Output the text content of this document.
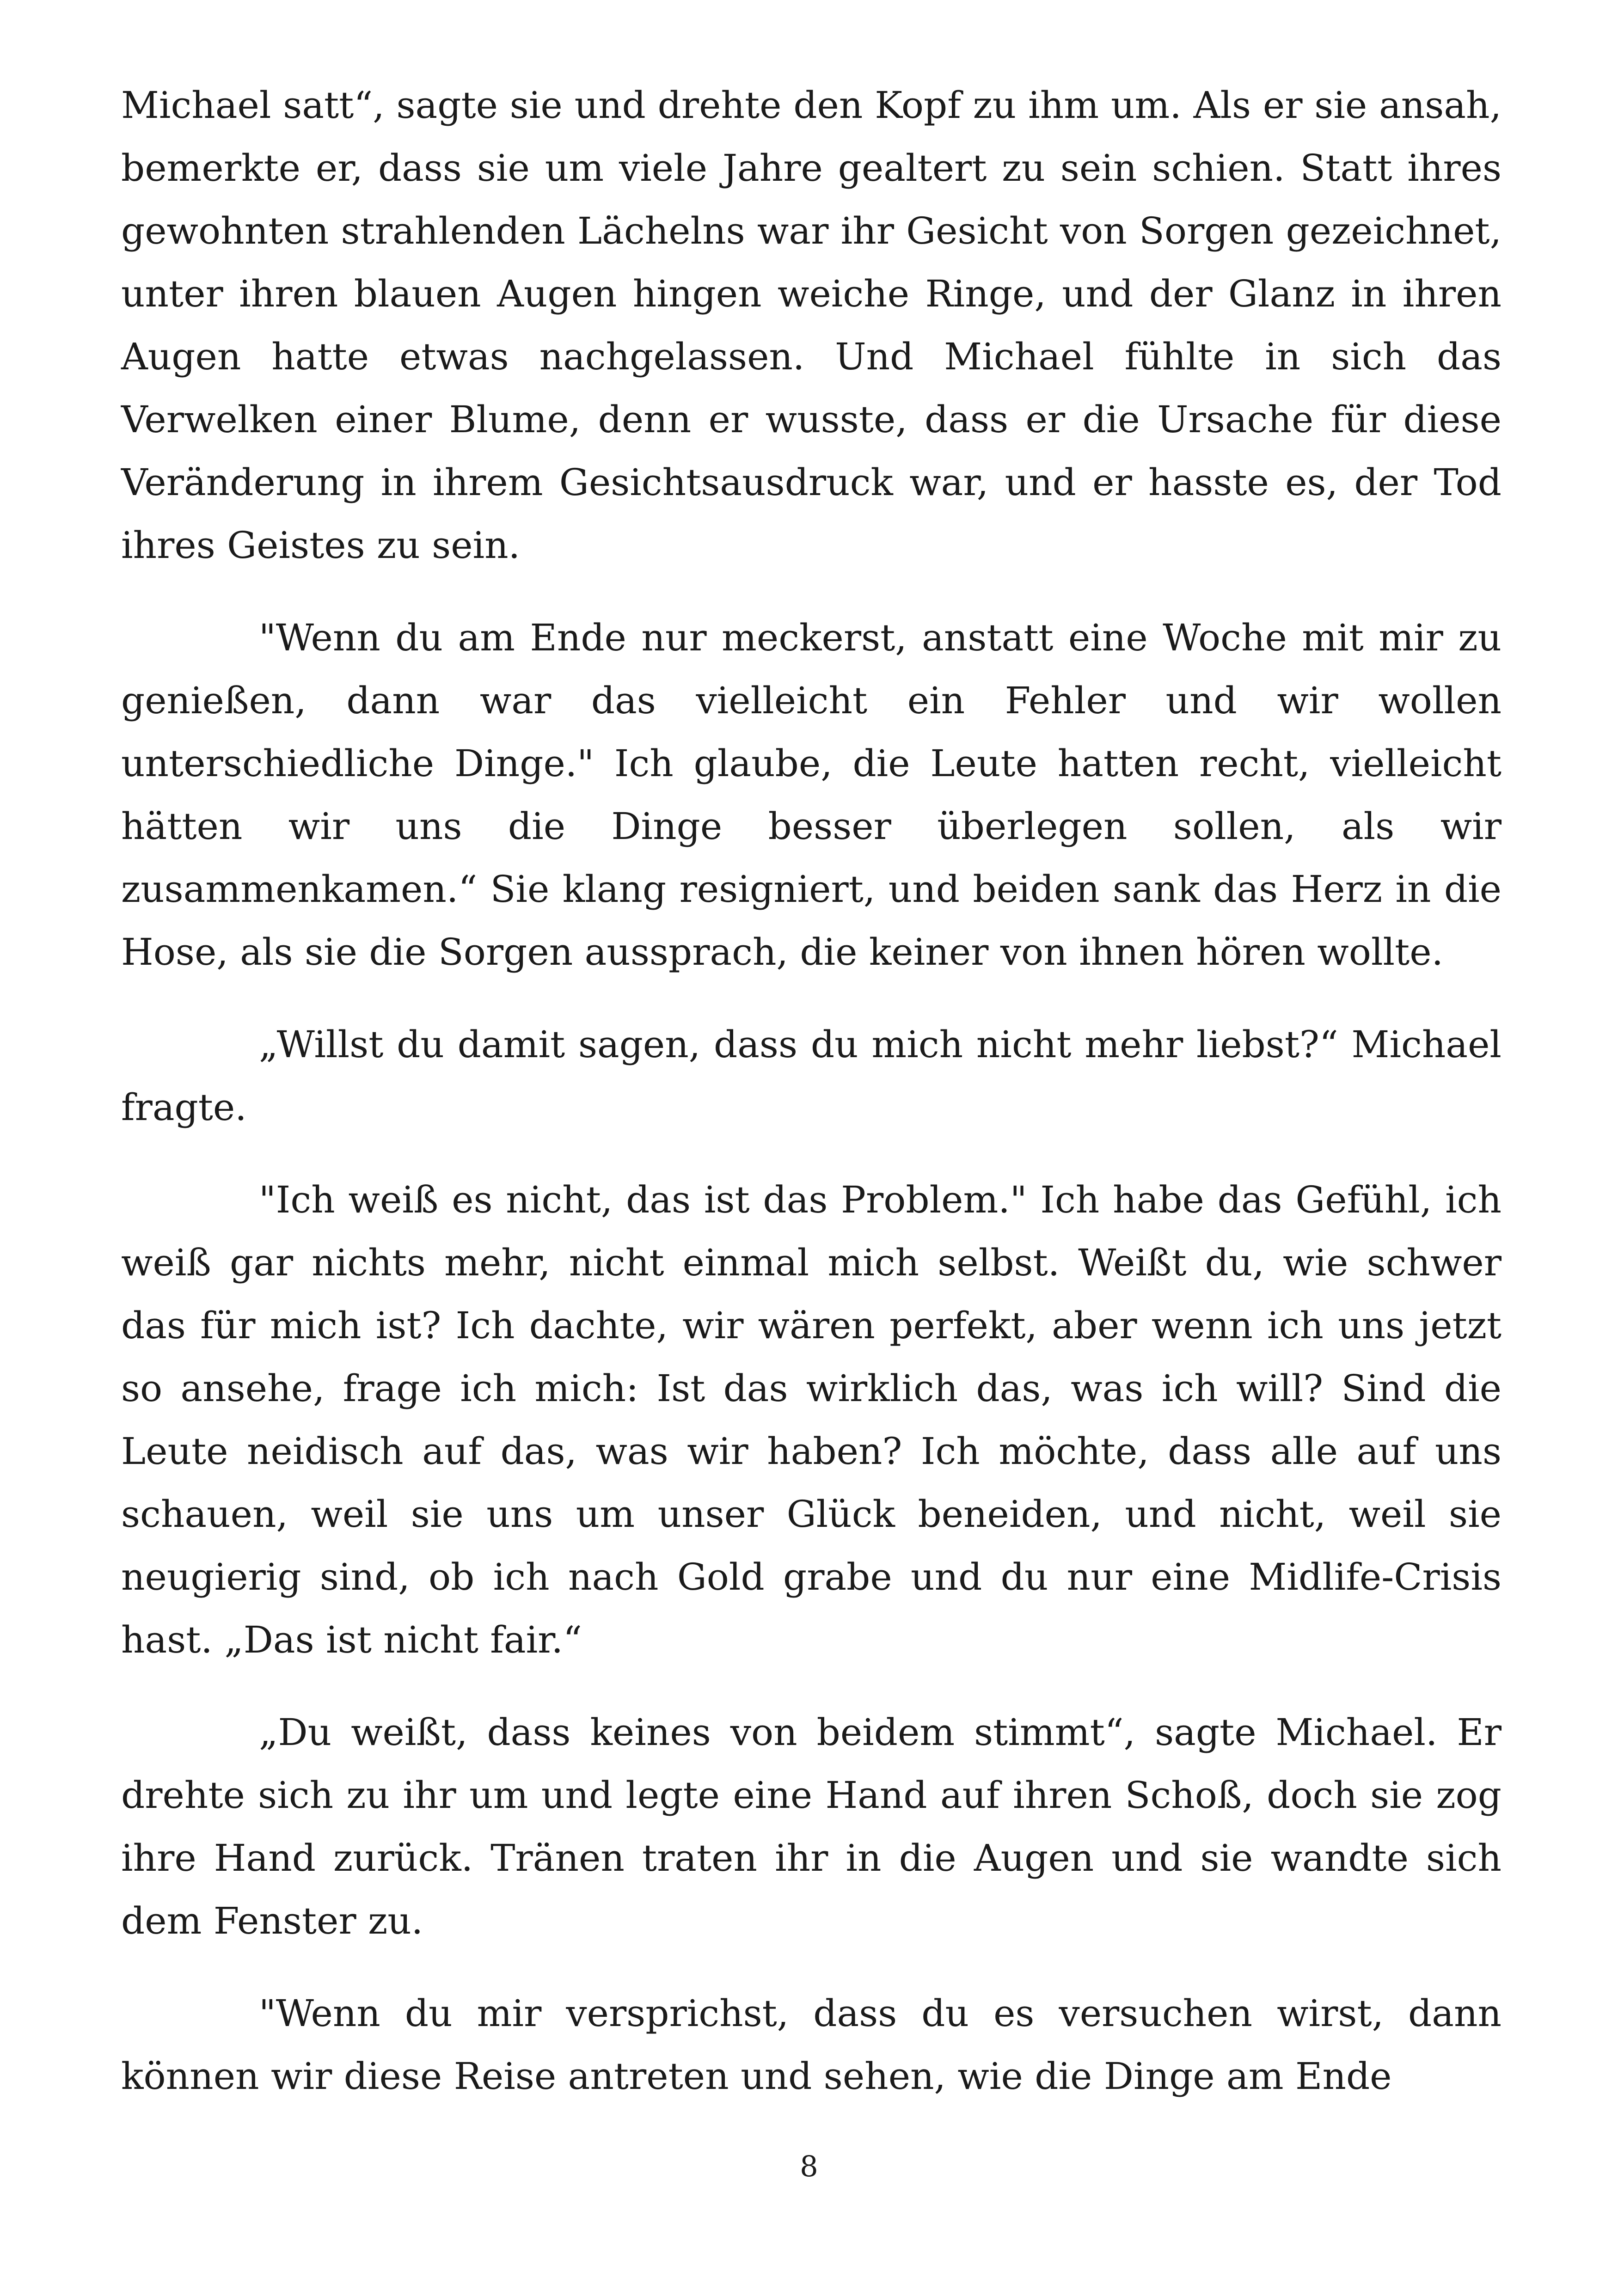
Michael satt“, sagte sie und drehte den Kopf zu ihm um. Als er sie ansah, bemerkte er, dass sie um viele Jahre gealtert zu sein schien. Statt ihres gewohnten strahlenden Lächelns war ihr Gesicht von Sorgen gezeichnet, unter ihren blauen Augen hingen weiche Ringe, und der Glanz in ihren Augen hatte etwas nachgelassen. Und Michael fühlte in sich das Verwelken einer Blume, denn er wusste, dass er die Ursache für diese Veränderung in ihrem Gesichtsausdruck war, und er hasste es, der Tod ihres Geistes zu sein.

"Wenn du am Ende nur meckerst, anstatt eine Woche mit mir zu genießen, dann war das vielleicht ein Fehler und wir wollen unterschiedliche Dinge." Ich glaube, die Leute hatten recht, vielleicht hätten wir uns die Dinge besser überlegen sollen, als wir zusammenkamen.“ Sie klang resigniert, und beiden sank das Herz in die Hose, als sie die Sorgen aussprach, die keiner von ihnen hören wollte.

„Willst du damit sagen, dass du mich nicht mehr liebst?“ Michael fragte.

"Ich weiß es nicht, das ist das Problem." Ich habe das Gefühl, ich weiß gar nichts mehr, nicht einmal mich selbst. Weißt du, wie schwer das für mich ist? Ich dachte, wir wären perfekt, aber wenn ich uns jetzt so ansehe, frage ich mich: Ist das wirklich das, was ich will? Sind die Leute neidisch auf das, was wir haben? Ich möchte, dass alle auf uns schauen, weil sie uns um unser Glück beneiden, und nicht, weil sie neugierig sind, ob ich nach Gold grabe und du nur eine Midlife-Crisis hast. „Das ist nicht fair.“

„Du weißt, dass keines von beidem stimmt“, sagte Michael. Er drehte sich zu ihr um und legte eine Hand auf ihren Schoß, doch sie zog ihre Hand zurück. Tränen traten ihr in die Augen und sie wandte sich dem Fenster zu.

"Wenn du mir versprichst, dass du es versuchen wirst, dann können wir diese Reise antreten und sehen, wie die Dinge am Ende

8
